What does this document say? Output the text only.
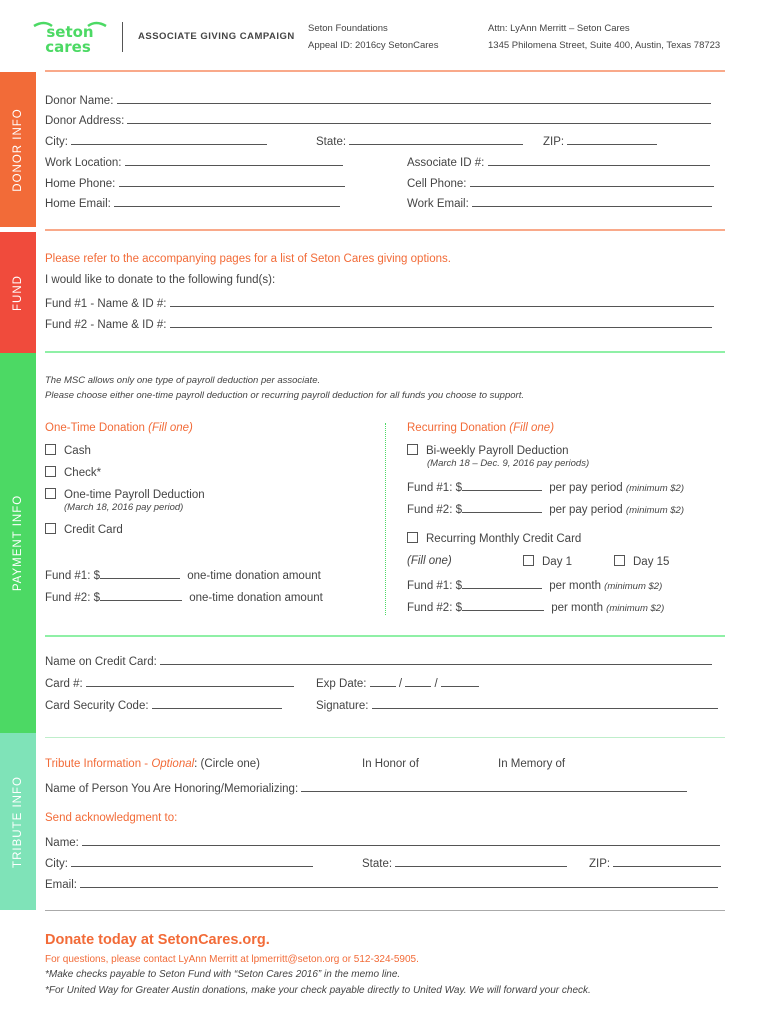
seton
cares
ASSOCIATE GIVING CAMPAIGN
Seton Foundations
Appeal ID: 2016cy SetonCares
Attn: LyAnn Merritt – Seton Cares
1345 Philomena Street, Suite 400, Austin, Texas 78723
DONOR INFO
FUND
PAYMENT INFO
TRIBUTE INFO
Donor Name:
Donor Address:
City:	State:	ZIP:
Work Location:	Associate ID #:
Home Phone:	Cell Phone:
Home Email:	Work Email:
Please refer to the accompanying pages for a list of Seton Cares giving options.
I would like to donate to the following fund(s):
Fund #1 - Name & ID #:
Fund #2 - Name & ID #:
The MSC allows only one type of payroll deduction per associate.
Please choose either one-time payroll deduction or recurring payroll deduction for all funds you choose to support.
One-Time Donation (Fill one)
Cash
Check*
One-time Payroll Deduction
(March 18, 2016 pay period)
Credit Card
Fund #1: $	one-time donation amount
Fund #2: $	one-time donation amount
Recurring Donation (Fill one)
Bi-weekly Payroll Deduction
(March 18 – Dec. 9, 2016 pay periods)
Fund #1: $	per pay period (minimum $2)
Fund #2: $	per pay period (minimum $2)
Recurring Monthly Credit Card
(Fill one)	Day 1	Day 15
Fund #1: $	per month (minimum $2)
Fund #2: $	per month (minimum $2)
Name on Credit Card:
Card #:	Exp Date:	/  /
Card Security Code:	Signature:
Tribute Information - Optional: (Circle one)	In Honor of	In Memory of
Name of Person You Are Honoring/Memorializing:
Send acknowledgment to:
Name:
City:	State:	ZIP:
Email:
Donate today at SetonCares.org.
For questions, please contact LyAnn Merritt at lpmerritt@seton.org or 512-324-5905.
*Make checks payable to Seton Fund with “Seton Cares 2016” in the memo line.
*For United Way for Greater Austin donations, make your check payable directly to United Way. We will forward your check.
